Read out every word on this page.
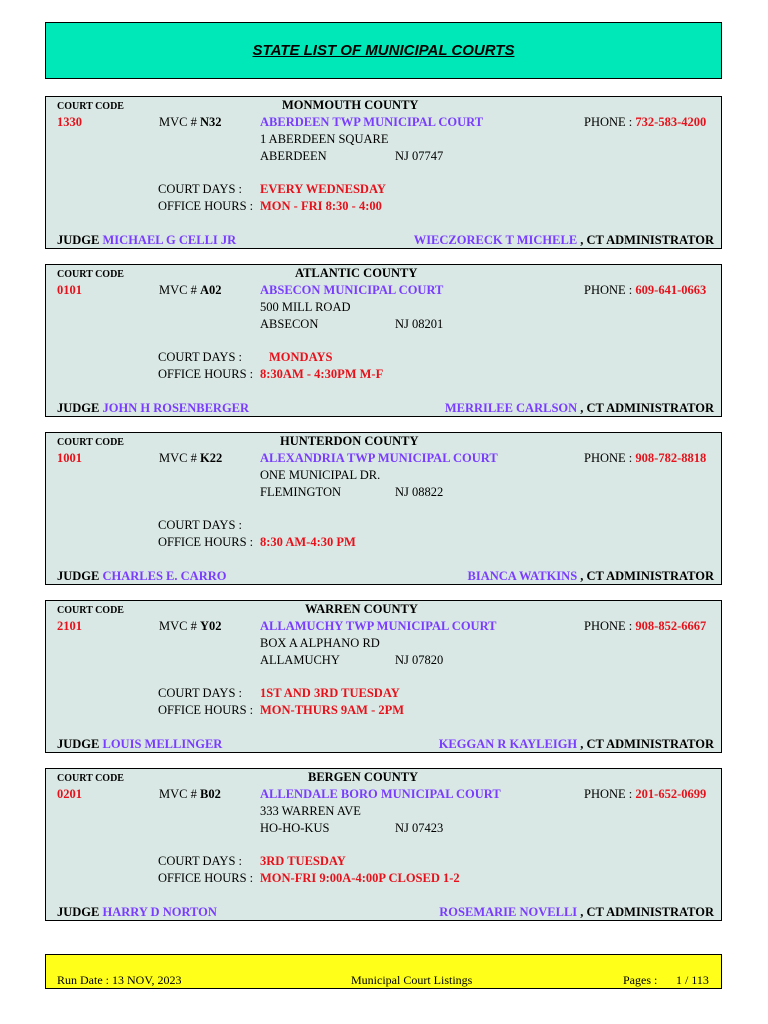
STATE LIST OF MUNICIPAL COURTS
COURT CODE	MONMOUTH COUNTY
1330	MVC # N32	ABERDEEN TWP MUNICIPAL COURT	PHONE : 732-583-4200
1 ABERDEEN SQUARE
ABERDEEN	NJ 07747
COURT DAYS : EVERY WEDNESDAY
OFFICE HOURS : MON - FRI 8:30 - 4:00
JUDGE MICHAEL G CELLI JR	WIECZORECK T MICHELE , CT ADMINISTRATOR
COURT CODE	ATLANTIC COUNTY
0101	MVC # A02	ABSECON MUNICIPAL COURT	PHONE : 609-641-0663
500 MILL ROAD
ABSECON	NJ 08201
COURT DAYS : MONDAYS
OFFICE HOURS : 8:30AM - 4:30PM M-F
JUDGE JOHN H ROSENBERGER	MERRILEE CARLSON , CT ADMINISTRATOR
COURT CODE	HUNTERDON COUNTY
1001	MVC # K22	ALEXANDRIA TWP MUNICIPAL COURT	PHONE : 908-782-8818
ONE MUNICIPAL DR.
FLEMINGTON	NJ 08822
COURT DAYS :
OFFICE HOURS : 8:30 AM-4:30 PM
JUDGE CHARLES E. CARRO	BIANCA WATKINS , CT ADMINISTRATOR
COURT CODE	WARREN COUNTY
2101	MVC # Y02	ALLAMUCHY TWP MUNICIPAL COURT	PHONE : 908-852-6667
BOX A ALPHANO RD
ALLAMUCHY	NJ 07820
COURT DAYS : 1ST AND 3RD TUESDAY
OFFICE HOURS : MON-THURS 9AM - 2PM
JUDGE LOUIS MELLINGER	KEGGAN R KAYLEIGH , CT ADMINISTRATOR
COURT CODE	BERGEN COUNTY
0201	MVC # B02	ALLENDALE BORO MUNICIPAL COURT	PHONE : 201-652-0699
333 WARREN AVE
HO-HO-KUS	NJ 07423
COURT DAYS : 3RD TUESDAY
OFFICE HOURS : MON-FRI 9:00A-4:00P CLOSED 1-2
JUDGE HARRY D NORTON	ROSEMARIE NOVELLI , CT ADMINISTRATOR
Run Date : 13 NOV, 2023	Municipal Court Listings	Pages : 1 / 113
